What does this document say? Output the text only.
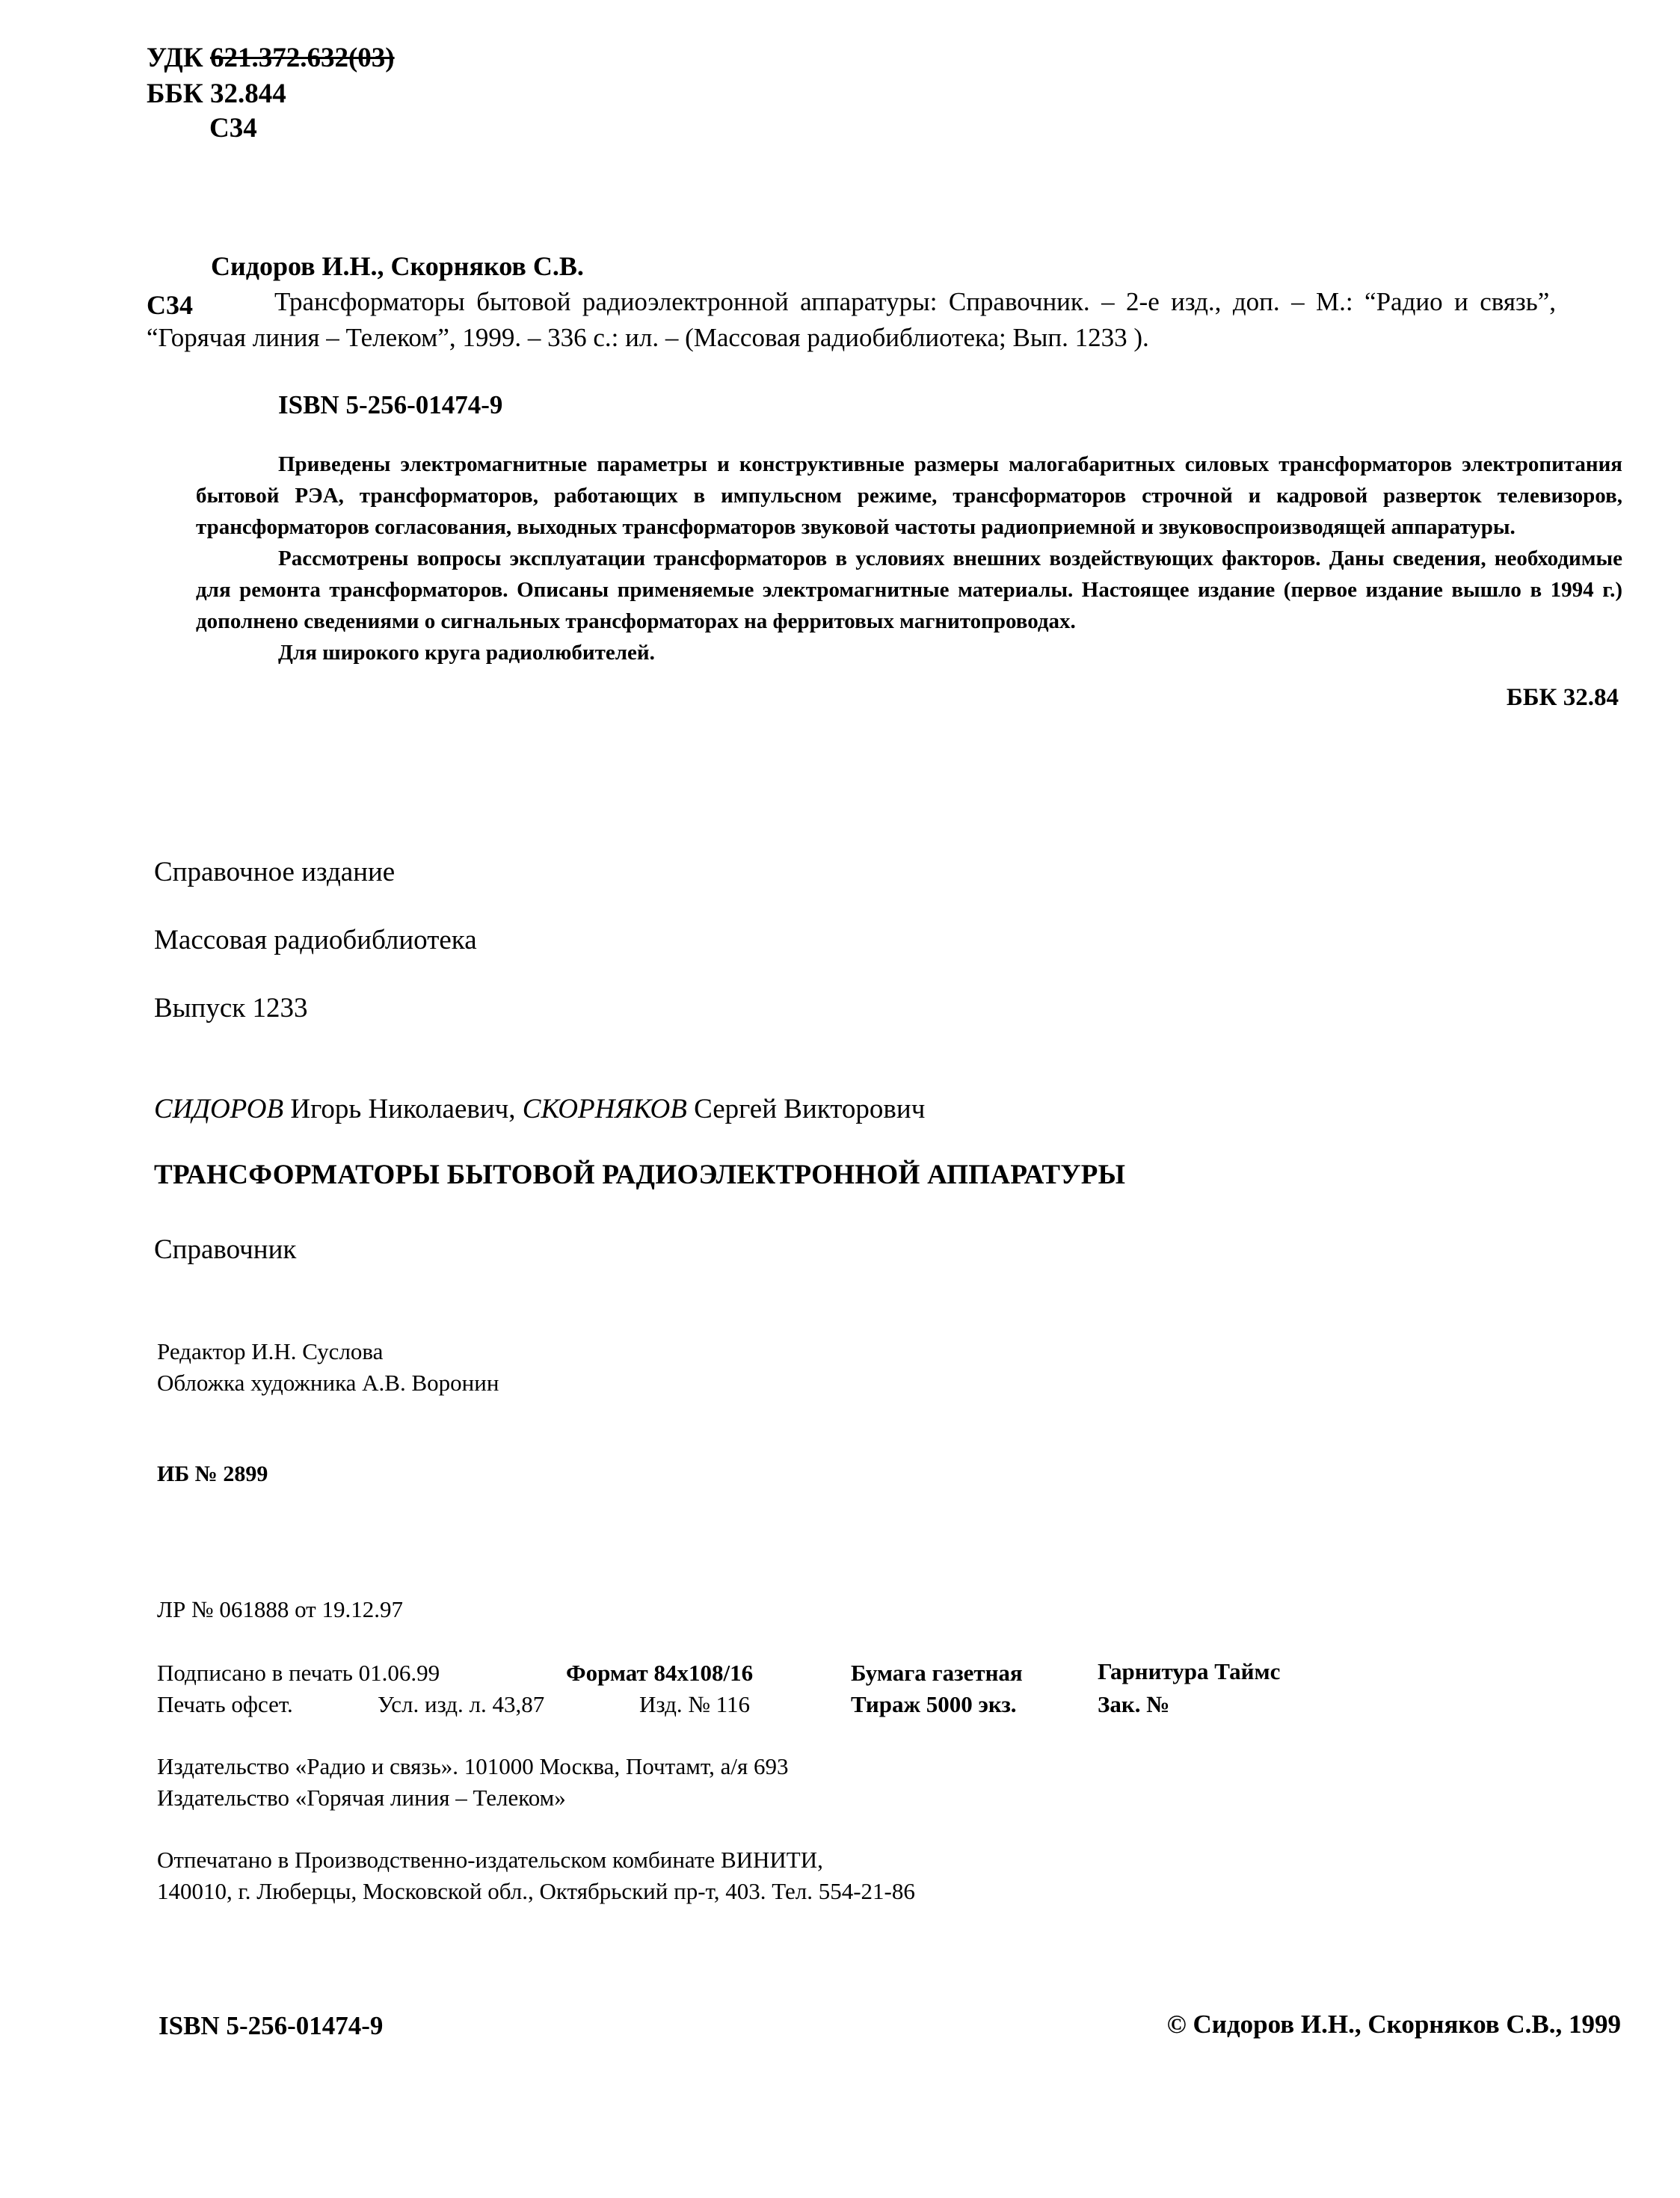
УДК 621.372.632(03)
ББК 32.844
С34
Сидоров И.Н., Скорняков С.В.
С34	Трансформаторы бытовой радиоэлектронной аппаратуры: Справочник. – 2-е изд., доп. – М.: “Радио и связь”, “Горячая линия – Телеком”, 1999. – 336 с.: ил. – (Массовая радиобиблиотека; Вып. 1233 ).
ISBN 5-256-01474-9

Приведены электромагнитные параметры и конструктивные размеры малогабаритных силовых трансформаторов электропитания бытовой РЭА, трансформаторов, работающих в импульсном режиме, трансформаторов строчной и кадровой разверток телевизоров, трансформаторов согласования, выходных трансформаторов звуковой частоты радиоприемной и звуковоспроизводящей аппаратуры.

Рассмотрены вопросы эксплуатации трансформаторов в условиях внешних воздействующих факторов. Даны сведения, необходимые для ремонта трансформаторов. Описаны применяемые электромагнитные материалы. Настоящее издание (первое издание вышло в 1994 г.) дополнено сведениями о сигнальных трансформаторах на ферритовых магнитопроводах.

Для широкого круга радиолюбителей.

ББК 32.84
Справочное издание
Массовая радиобиблиотека
Выпуск 1233
СИДОРОВ Игорь Николаевич, СКОРНЯКОВ Сергей Викторович
ТРАНСФОРМАТОРЫ БЫТОВОЙ РАДИОЭЛЕКТРОННОЙ АППАРАТУРЫ
Справочник
Редактор И.Н. Суслова
Обложка художника А.В. Воронин
ИБ № 2899
ЛР № 061888 от 19.12.97
Подписано в печать 01.06.99	Формат 84х108/16	Бумага газетная	Гарнитура Таймс
Печать офсет.	Усл. изд. л. 43,87	Изд. № 116	Тираж 5000 экз.	Зак. №
Издательство «Радио и связь». 101000 Москва, Почтамт, а/я 693
Издательство «Горячая линия – Телеком»
Отпечатано в Производственно-издательском комбинате ВИНИТИ,
140010, г. Люберцы, Московской обл., Октябрьский пр-т, 403. Тел. 554-21-86
ISBN 5-256-01474-9	© Сидоров И.Н., Скорняков С.В., 1999
